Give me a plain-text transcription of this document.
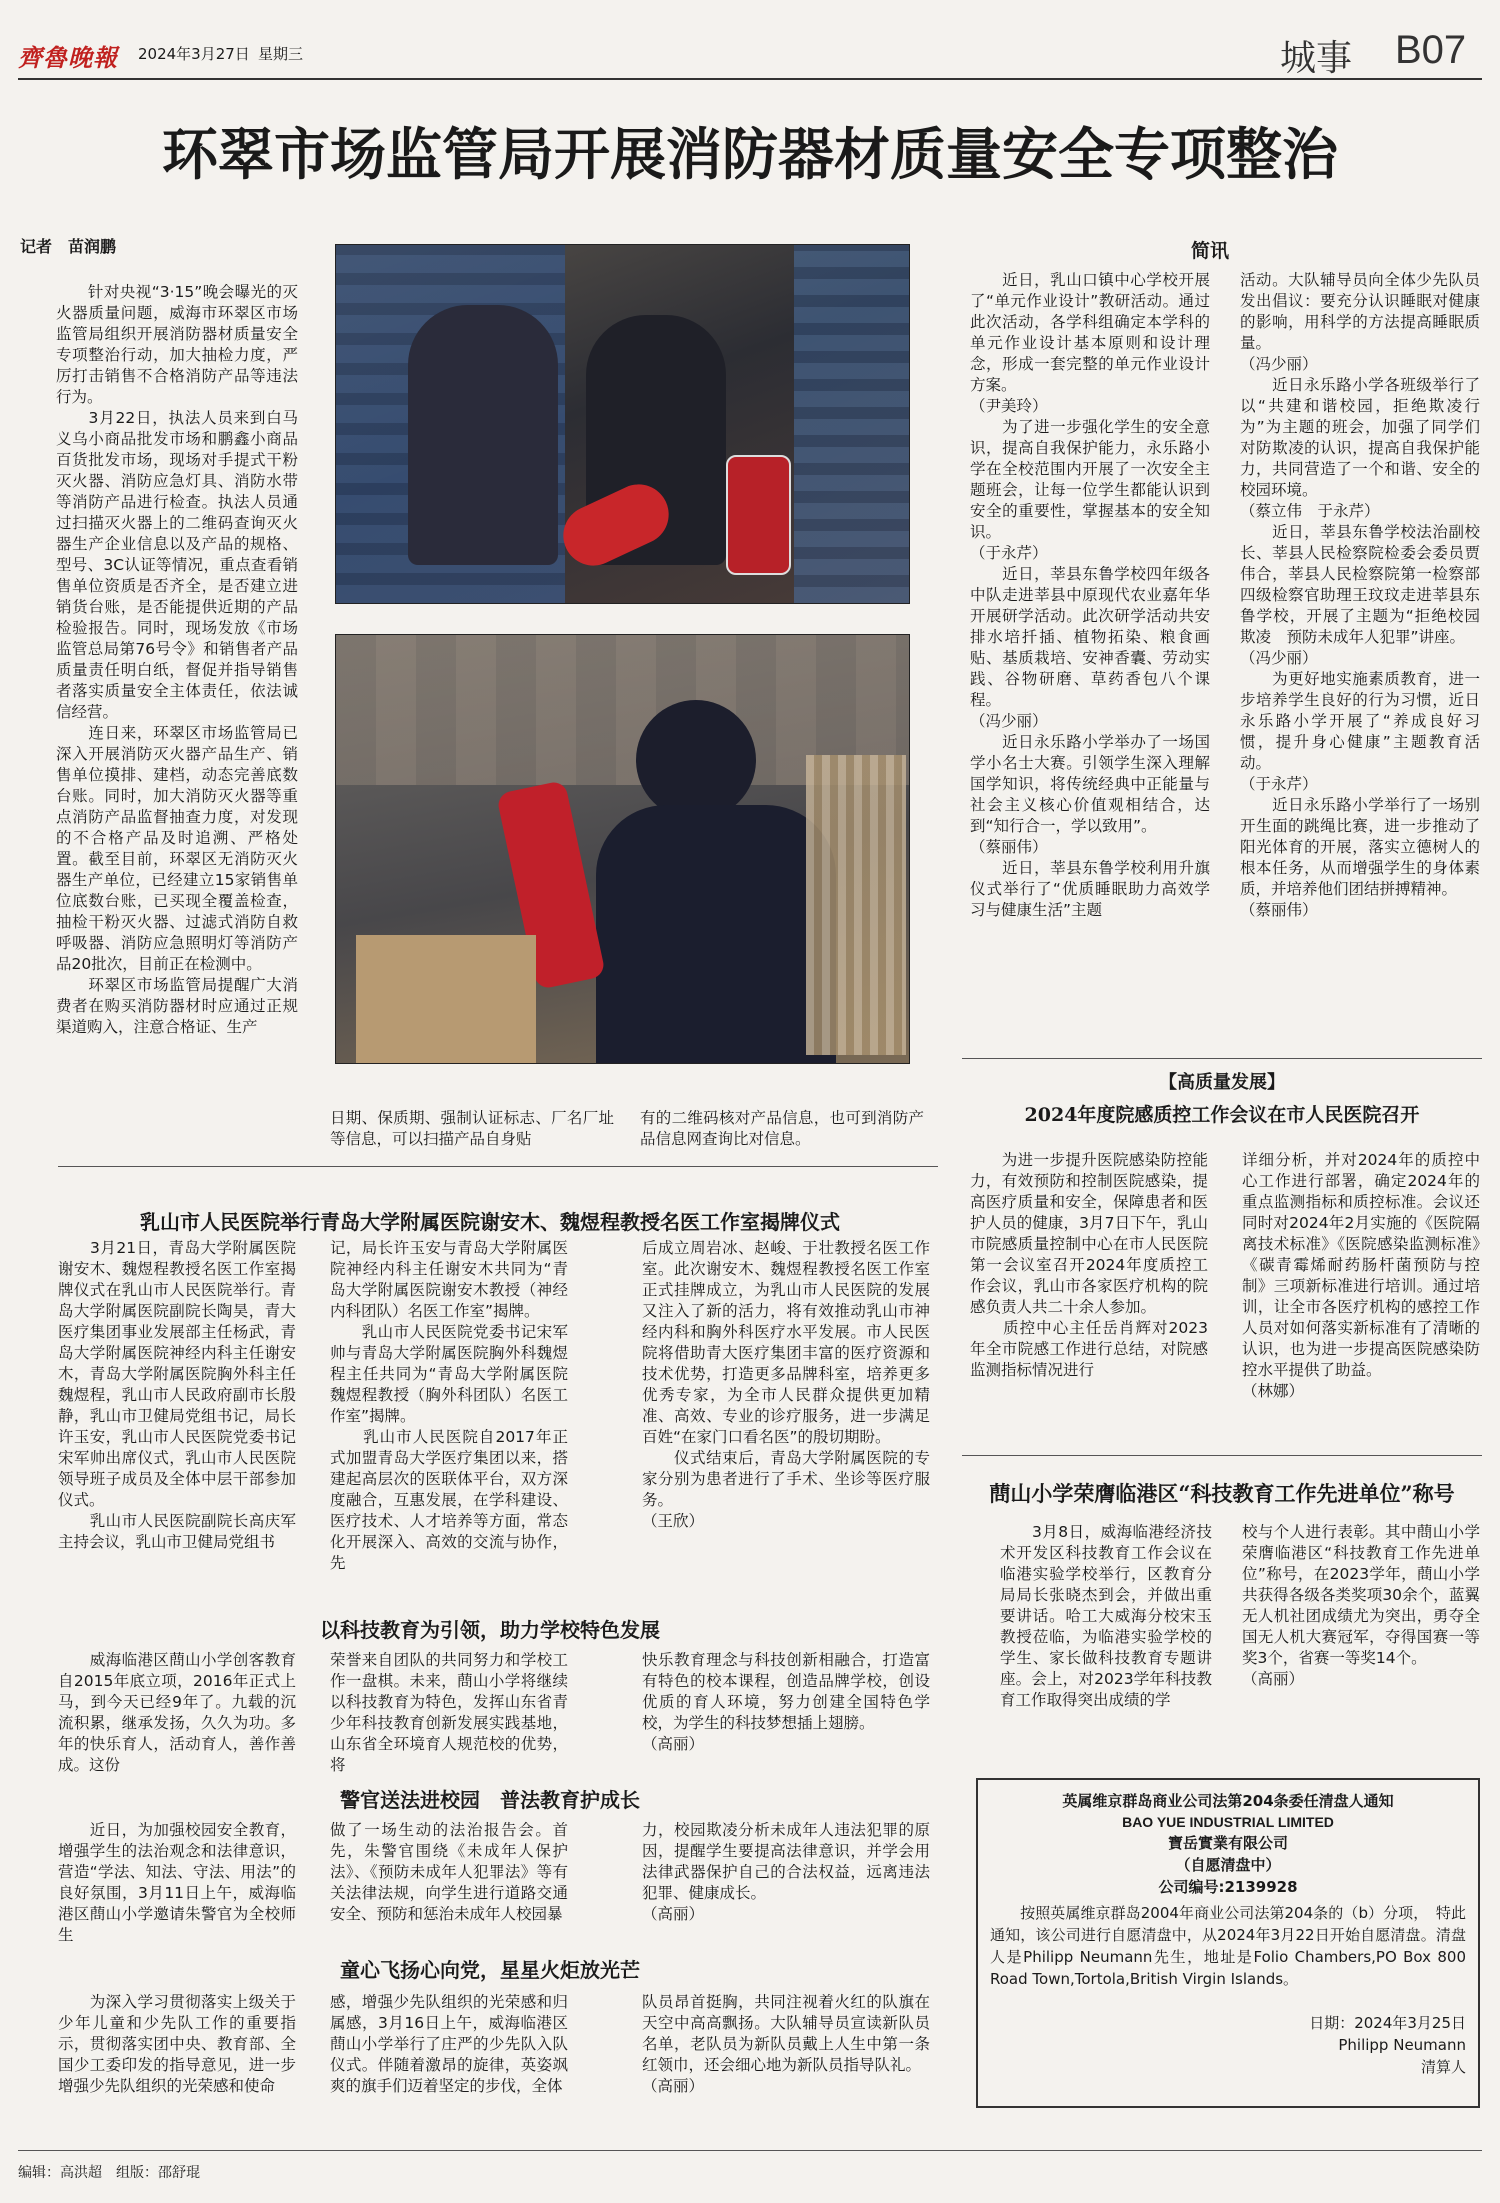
齊魯晚報 2024年3月27日 星期三	城事 B07
环翠市场监管局开展消防器材质量安全专项整治
记者　苗润鹏
　　针对央视“3·15”晚会曝光的灭火器质量问题，威海市环翠区市场监管局组织开展消防器材质量安全专项整治行动，加大抽检力度，严厉打击销售不合格消防产品等违法行为。
　　3月22日，执法人员来到白马义乌小商品批发市场和鹏鑫小商品百货批发市场，现场对手提式干粉灭火器、消防应急灯具、消防水带等消防产品进行检查。执法人员通过扫描灭火器上的二维码查询灭火器生产企业信息以及产品的规格、型号、3C认证等情况，重点查看销售单位资质是否齐全，是否建立进销货台账，是否能提供近期的产品检验报告。同时，现场发放《市场监管总局第76号令》和销售者产品质量责任明白纸，督促并指导销售者落实质量安全主体责任，依法诚信经营。
　　连日来，环翠区市场监管局已深入开展消防灭火器产品生产、销售单位摸排、建档，动态完善底数台账。同时，加大消防灭火器等重点消防产品监督抽查力度，对发现的不合格产品及时追溯、严格处置。截至目前，环翠区无消防灭火器生产单位，已经建立15家销售单位底数台账，已买现全覆盖检查，抽检干粉灭火器、过滤式消防自救呼吸器、消防应急照明灯等消防产品20批次，目前正在检测中。
　　环翠区市场监管局提醒广大消费者在购买消防器材时应通过正规渠道购入，注意合格证、生产
日期、保质期、强制认证标志、厂名厂址等信息，可以扫描产品自身贴
有的二维码核对产品信息，也可到消防产品信息网查询比对信息。
简讯
　　近日，乳山口镇中心学校开展了“单元作业设计”教研活动。通过此次活动，各学科组确定本学科的单元作业设计基本原则和设计理念，形成一套完整的单元作业设计方案。
（尹美玲）
　　为了进一步强化学生的安全意识，提高自我保护能力，永乐路小学在全校范围内开展了一次安全主题班会，让每一位学生都能认识到安全的重要性，掌握基本的安全知识。
（于永芹）
　　近日，莘县东鲁学校四年级各中队走进莘县中原现代农业嘉年华开展研学活动。此次研学活动共安排水培扦插、植物拓染、粮食画贴、基质栽培、安神香囊、劳动实践、谷物研磨、草药香包八个课程。
（冯少丽）
　　近日永乐路小学举办了一场国学小名士大赛。引领学生深入理解国学知识，将传统经典中正能量与社会主义核心价值观相结合，达到“知行合一，学以致用”。
（蔡丽伟）
　　近日，莘县东鲁学校利用升旗仪式举行了“优质睡眠助力高效学习与健康生活”主题
活动。大队辅导员向全体少先队员发出倡议：要充分认识睡眠对健康的影响，用科学的方法提高睡眠质量。
（冯少丽）
　　近日永乐路小学各班级举行了以“共建和谐校园，拒绝欺凌行为”为主题的班会，加强了同学们对防欺凌的认识，提高自我保护能力，共同营造了一个和谐、安全的校园环境。
（蔡立伟　于永芹）
　　近日，莘县东鲁学校法治副校长、莘县人民检察院检委会委员贾伟合，莘县人民检察院第一检察部四级检察官助理王玟玟走进莘县东鲁学校，开展了主题为“拒绝校园欺凌　预防未成年人犯罪”讲座。
（冯少丽）
　　为更好地实施素质教育，进一步培养学生良好的行为习惯，近日永乐路小学开展了“养成良好习惯，提升身心健康”主题教育活动。
（于永芹）
　　近日永乐路小学举行了一场别开生面的跳绳比赛，进一步推动了阳光体育的开展，落实立德树人的根本任务，从而增强学生的身体素质，并培养他们团结拼搏精神。
（蔡丽伟）
【高质量发展】
2024年度院感质控工作会议在市人民医院召开
　　为进一步提升医院感染防控能力，有效预防和控制医院感染，提高医疗质量和安全，保障患者和医护人员的健康，3月7日下午，乳山市院感质量控制中心在市人民医院第一会议室召开2024年度质控工作会议，乳山市各家医疗机构的院感负责人共二十余人参加。
　　质控中心主任岳肖辉对2023年全市院感工作进行总结，对院感监测指标情况进行
详细分析，并对2024年的质控中心工作进行部署，确定2024年的重点监测指标和质控标准。会议还同时对2024年2月实施的《医院隔离技术标准》《医院感染监测标准》《碳青霉烯耐药肠杆菌预防与控制》三项新标准进行培训。通过培训，让全市各医疗机构的感控工作人员对如何落实新标准有了清晰的认识，也为进一步提高医院感染防控水平提供了助益。
（林娜）
蔄山小学荣膺临港区“科技教育工作先进单位”称号
　　3月8日，威海临港经济技术开发区科技教育工作会议在临港实验学校举行，区教育分局局长张晓杰到会，并做出重要讲话。哈工大威海分校宋玉教授莅临，为临港实验学校的学生、家长做科技教育专题讲座。会上，对2023学年科技教育工作取得突出成绩的学
校与个人进行表彰。其中蔄山小学荣膺临港区“科技教育工作先进单位”称号，在2023学年，蔄山小学共获得各级各类奖项30余个，蓝翼无人机社团成绩尤为突出，勇夺全国无人机大赛冠军，夺得国赛一等奖3个，省赛一等奖14个。
（高丽）
乳山市人民医院举行青岛大学附属医院谢安木、魏煜程教授名医工作室揭牌仪式
　　3月21日，青岛大学附属医院谢安木、魏煜程教授名医工作室揭牌仪式在乳山市人民医院举行。青岛大学附属医院副院长陶昊，青大医疗集团事业发展部主任杨武，青岛大学附属医院神经内科主任谢安木，青岛大学附属医院胸外科主任魏煜程，乳山市人民政府副市长殷静，乳山市卫健局党组书记，局长许玉安，乳山市人民医院党委书记宋军帅出席仪式，乳山市人民医院领导班子成员及全体中层干部参加仪式。
　　乳山市人民医院副院长高庆军主持会议，乳山市卫健局党组书
记，局长许玉安与青岛大学附属医院神经内科主任谢安木共同为“青岛大学附属医院谢安木教授（神经内科团队）名医工作室”揭牌。
　　乳山市人民医院党委书记宋军帅与青岛大学附属医院胸外科魏煜程主任共同为“青岛大学附属医院魏煜程教授（胸外科团队）名医工作室”揭牌。
　　乳山市人民医院自2017年正式加盟青岛大学医疗集团以来，搭建起高层次的医联体平台，双方深度融合，互惠发展，在学科建设、医疗技术、人才培养等方面，常态化开展深入、高效的交流与协作，先
后成立周岩冰、赵峻、于壮教授名医工作室。此次谢安木、魏煜程教授名医工作室正式挂牌成立，为乳山市人民医院的发展又注入了新的活力，将有效推动乳山市神经内科和胸外科医疗水平发展。市人民医院将借助青大医疗集团丰富的医疗资源和技术优势，打造更多品牌科室，培养更多优秀专家，为全市人民群众提供更加精准、高效、专业的诊疗服务，进一步满足百姓“在家门口看名医”的殷切期盼。
　　仪式结束后，青岛大学附属医院的专家分别为患者进行了手术、坐诊等医疗服务。
（王欣）
以科技教育为引领，助力学校特色发展
　　威海临港区蔄山小学创客教育自2015年底立项，2016年正式上马，到今天已经9年了。九载的沉流积累，继承发扬，久久为功。多年的快乐育人，活动育人，善作善成。这份
荣誉来自团队的共同努力和学校工作一盘棋。未来，蔄山小学将继续以科技教育为特色，发挥山东省青少年科技教育创新发展实践基地，山东省全环境育人规范校的优势，将
快乐教育理念与科技创新相融合，打造富有特色的校本课程，创造品牌学校，创设优质的育人环境，努力创建全国特色学校，为学生的科技梦想插上翅膀。
（高丽）
警官送法进校园　普法教育护成长
　　近日，为加强校园安全教育，增强学生的法治观念和法律意识，营造“学法、知法、守法、用法”的良好氛围，3月11日上午，威海临港区蔄山小学邀请朱警官为全校师生
做了一场生动的法治报告会。首先，朱警官围绕《未成年人保护法》、《预防未成年人犯罪法》等有关法律法规，向学生进行道路交通安全、预防和惩治未成年人校园暴
力，校园欺凌分析未成年人违法犯罪的原因，提醒学生要提高法律意识，并学会用法律武器保护自己的合法权益，远离违法犯罪、健康成长。
（高丽）
童心飞扬心向党，星星火炬放光芒
　　为深入学习贯彻落实上级关于少年儿童和少先队工作的重要指示，贯彻落实团中央、教育部、全国少工委印发的指导意见，进一步增强少先队组织的光荣感和使命
感，增强少先队组织的光荣感和归属感，3月16日上午，威海临港区蔄山小学举行了庄严的少先队入队仪式。伴随着激昂的旋律，英姿飒爽的旗手们迈着坚定的步伐，全体
队员昂首挺胸，共同注视着火红的队旗在天空中高高飘扬。大队辅导员宣读新队员名单，老队员为新队员戴上人生中第一条红领巾，还会细心地为新队员指导队礼。
（高丽）
英属维京群岛商业公司法第204条委任清盘人通知
BAO YUE INDUSTRIAL LIMITED
寶岳實業有限公司
（自愿清盘中）
公司编号:2139928
　　按照英属维京群岛2004年商业公司法第204条的（b）分项，　特此通知，该公司进行自愿清盘中，从2024年3月22日开始自愿清盘。清盘人是Philipp Neumann先生，地址是Folio Chambers,PO Box 800 Road Town,Tortola,British Virgin Islands。
日期：2024年3月25日
Philipp Neumann
清算人
编辑：高洪超　组版：邵舒琨
